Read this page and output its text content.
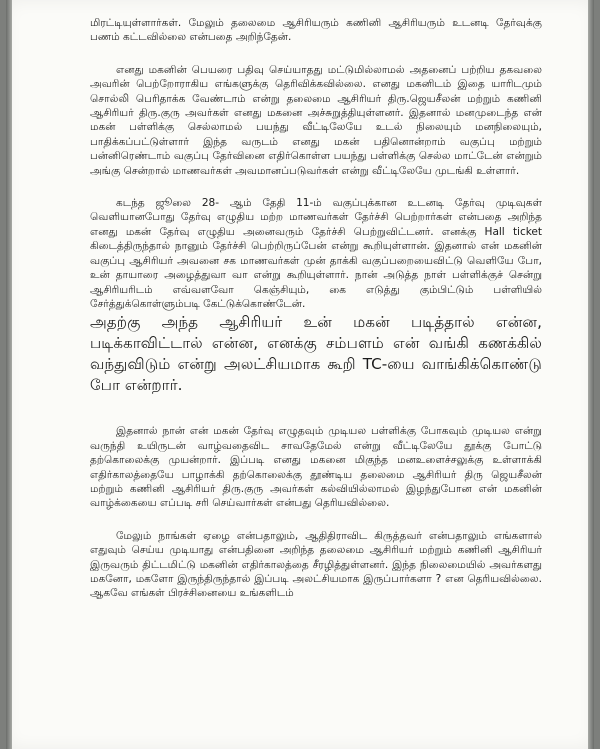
மிரட்டியுள்ளார்கள். மேலும் தலைமை ஆசிரியரும் கணினி ஆசிரியரும் உடனடி தேர்வுக்கு பணம் கட்டவில்லை என்பதை அறிந்தேன்.

எனது மகனின் பெயரை பதிவு செய்யாதது மட்டுமில்லாமல் அதனைப் பற்றிய தகவலை அவரின் பெற்றோராகிய எங்களுக்கு தெரிவிக்கவில்லை. எனது மகனிடம் இதை யாரிடமும் சொல்லி பெரிதாக்க வேண்டாம் என்று தலைமை ஆசிரியர் திரு.ஜெயசீலன் மற்றும் கணினி ஆசிரியர் திரு.குரு அவர்கள் எனது மகனை அச்சுறுத்தியுள்ளனர். இதனால் மனமுடைந்த என் மகன் பள்ளிக்கு செல்லாமல் பயந்து வீட்டிலேயே உடல் நிலையும் மனநிலையும், பாதிக்கப்பட்டுள்ளார் இந்த வருடம் எனது மகன் பதினொன்றாம் வகுப்பு மற்றும் பன்னிரெண்டாம் வகுப்பு தேர்வினை எதிர்கொள்ள பயந்து பள்ளிக்கு செல்ல மாட்டேன் என்றும் அங்கு சென்றால் மாணவர்கள் அவமானப்படுவர்கள் என்று வீட்டிலேயே முடங்கி உள்ளார்.

கடந்த ஜூலை 28- ஆம் தேதி 11-ம் வகுப்புக்கான உடனடி தேர்வு முடிவுகள் வெளியானபோது தேர்வு எழுதிய மற்ற மாணவர்கள் தேர்ச்சி பெற்றார்கள் என்பதை அறிந்த எனது மகன் தேர்வு எழுதிய அனைவரும் தேர்ச்சி பெற்றுவிட்டனர். எனக்கு Hall ticket கிடைத்திருந்தால் நானும் தேர்ச்சி பெற்றிருப்பேன் என்று கூறியுள்ளான். இதனால் என் மகனின் வகுப்பு ஆசிரியர் அவனை சக மாணவர்கள் முன் தாக்கி வகுப்பறையைவிட்டு வெளியே போ, உன் தாயாரை அழைத்துவா வா என்று கூறியுள்ளார். நான் அடுத்த நாள் பள்ளிக்குச் சென்று ஆசிரியரிடம் எவ்வளவோ கெஞ்சியும், கை எடுத்து கும்பிட்டும் பள்ளியில் சேர்த்துக்கொள்ளும்படி கேட்டுக்கொண்டேன்.

அதற்கு அந்த ஆசிரியர் உன் மகன் படித்தால் என்ன, படிக்காவிட்டால் என்ன, எனக்கு சம்பளம் என் வங்கி கணக்கில் வந்துவிடும் என்று அலட்சியமாக கூறி TC-யை வாங்கிக்கொண்டு போ என்றார்.

இதனால் நான் என் மகன் தேர்வு எழுதவும் முடியல பள்ளிக்கு போகவும் முடியல என்று வருந்தி உயிருடன் வாழ்வதைவிட சாவதேமேல் என்று வீட்டிலேயே தூக்கு போட்டு தற்கொலைக்கு முயன்றார். இப்படி எனது மகனை மிகுந்த மனஉளைச்சலுக்கு உள்ளாக்கி எதிர்காலத்தையே பாழாக்கி தற்கொலைக்கு தூண்டிய தலைமை ஆசிரியர் திரு ஜெயசீலன் மற்றும் கணினி ஆசிரியர் திரு.குரு அவர்கள் கல்வியில்லாமல் இழந்துபோன என் மகனின் வாழ்க்கையை எப்படி சரி செய்வார்கள் என்பது தெரியவில்லை.

மேலும் நாங்கள் ஏழை என்பதாலும், ஆதிதிராவிட கிருத்தவர் என்பதாலும் எங்களால் எதுவும் செய்ய முடியாது என்பதினை அறிந்த தலைமை ஆசிரியர் மற்றும் கணினி ஆசிரியர் இருவரும் திட்டமிட்டு மகனின் எதிர்காலத்தை சீரழித்துள்ளனர். இந்த நிலைமையில் அவர்களது மகனோ, மகளோ இருந்திருந்தால் இப்படி அலட்சியமாக இருப்பார்களா ? என தெரியவில்லை. ஆகவே எங்கள் பிரச்சினையை உங்களிடம்
